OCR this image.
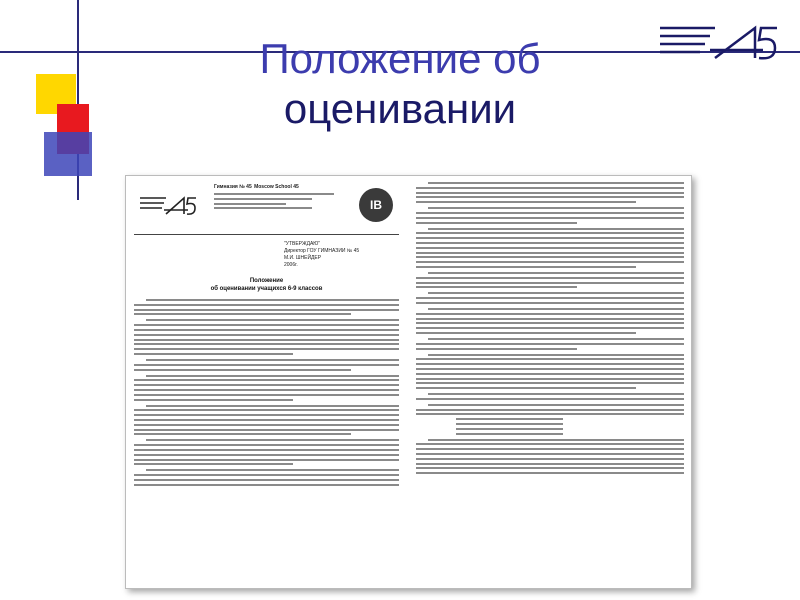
Положение об
оценивании
Гимназия № 45 Moscow School 45
IB
"УТВЕРЖДАЮ"
Директор ГОУ ГИМНАЗИИ № 45
М.И. ШНЕЙДЕР
2006г.
Положение
об оценивании учащихся 6-9 классов
